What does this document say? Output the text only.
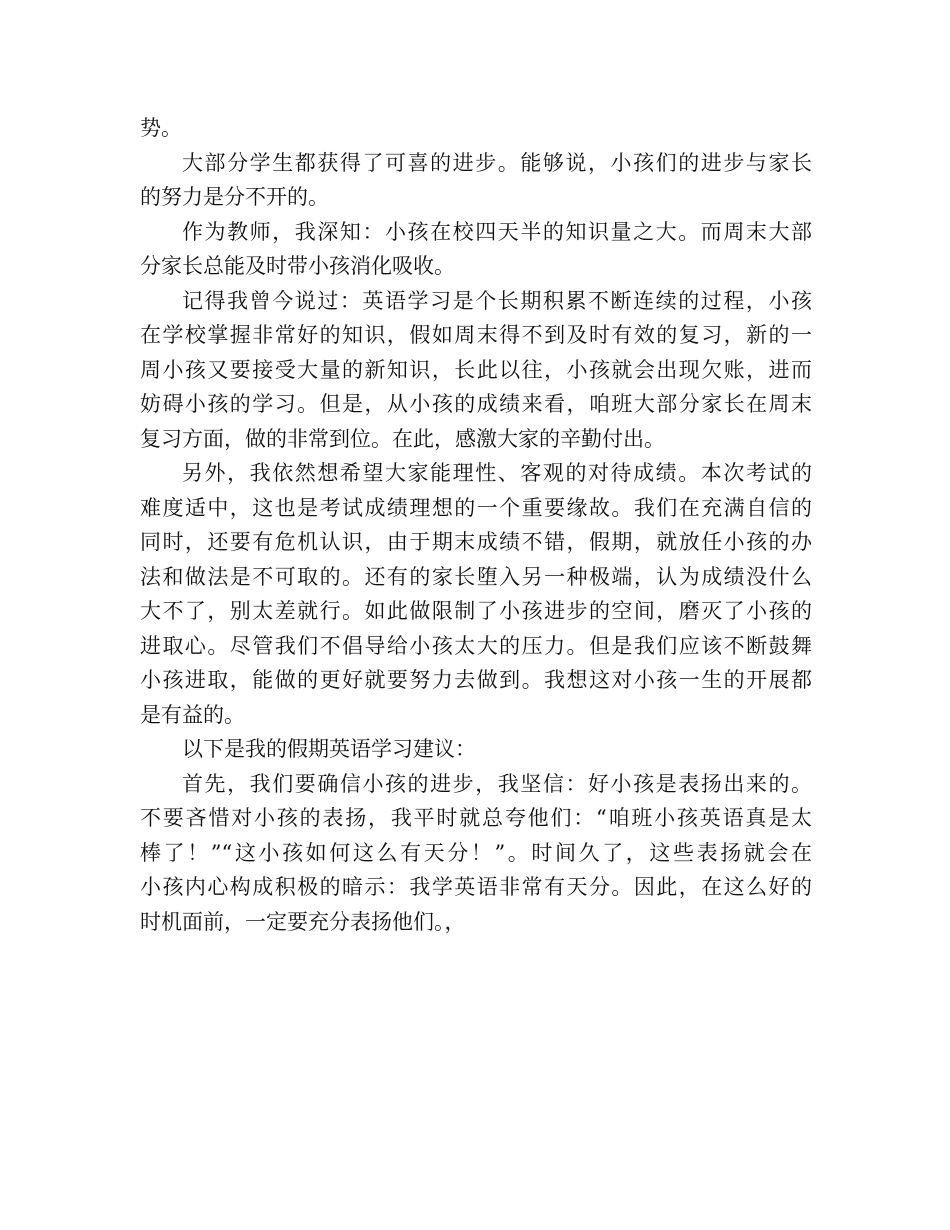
势。
大部分学生都获得了可喜的进步。能够说，小孩们的进步与家长
的努力是分不开的。
作为教师，我深知：小孩在校四天半的知识量之大。而周末大部
分家长总能及时带小孩消化吸收。
记得我曾今说过：英语学习是个长期积累不断连续的过程，小孩
在学校掌握非常好的知识，假如周末得不到及时有效的复习，新的一
周小孩又要接受大量的新知识，长此以往，小孩就会出现欠账，进而
妨碍小孩的学习。但是，从小孩的成绩来看，咱班大部分家长在周末
复习方面，做的非常到位。在此，感激大家的辛勤付出。
另外，我依然想希望大家能理性、客观的对待成绩。本次考试的
难度适中，这也是考试成绩理想的一个重要缘故。我们在充满自信的
同时，还要有危机认识，由于期末成绩不错，假期，就放任小孩的办
法和做法是不可取的。还有的家长堕入另一种极端，认为成绩没什么
大不了，别太差就行。如此做限制了小孩进步的空间，磨灭了小孩的
进取心。尽管我们不倡导给小孩太大的压力。但是我们应该不断鼓舞
小孩进取，能做的更好就要努力去做到。我想这对小孩一生的开展都
是有益的。
以下是我的假期英语学习建议：
首先，我们要确信小孩的进步，我坚信：好小孩是表扬出来的。
不要吝惜对小孩的表扬，我平时就总夸他们：“咱班小孩英语真是太
棒了！”“这小孩如何这么有天分！”。时间久了，这些表扬就会在
小孩内心构成积极的暗示：我学英语非常有天分。因此，在这么好的
时机面前，一定要充分表扬他们。，
